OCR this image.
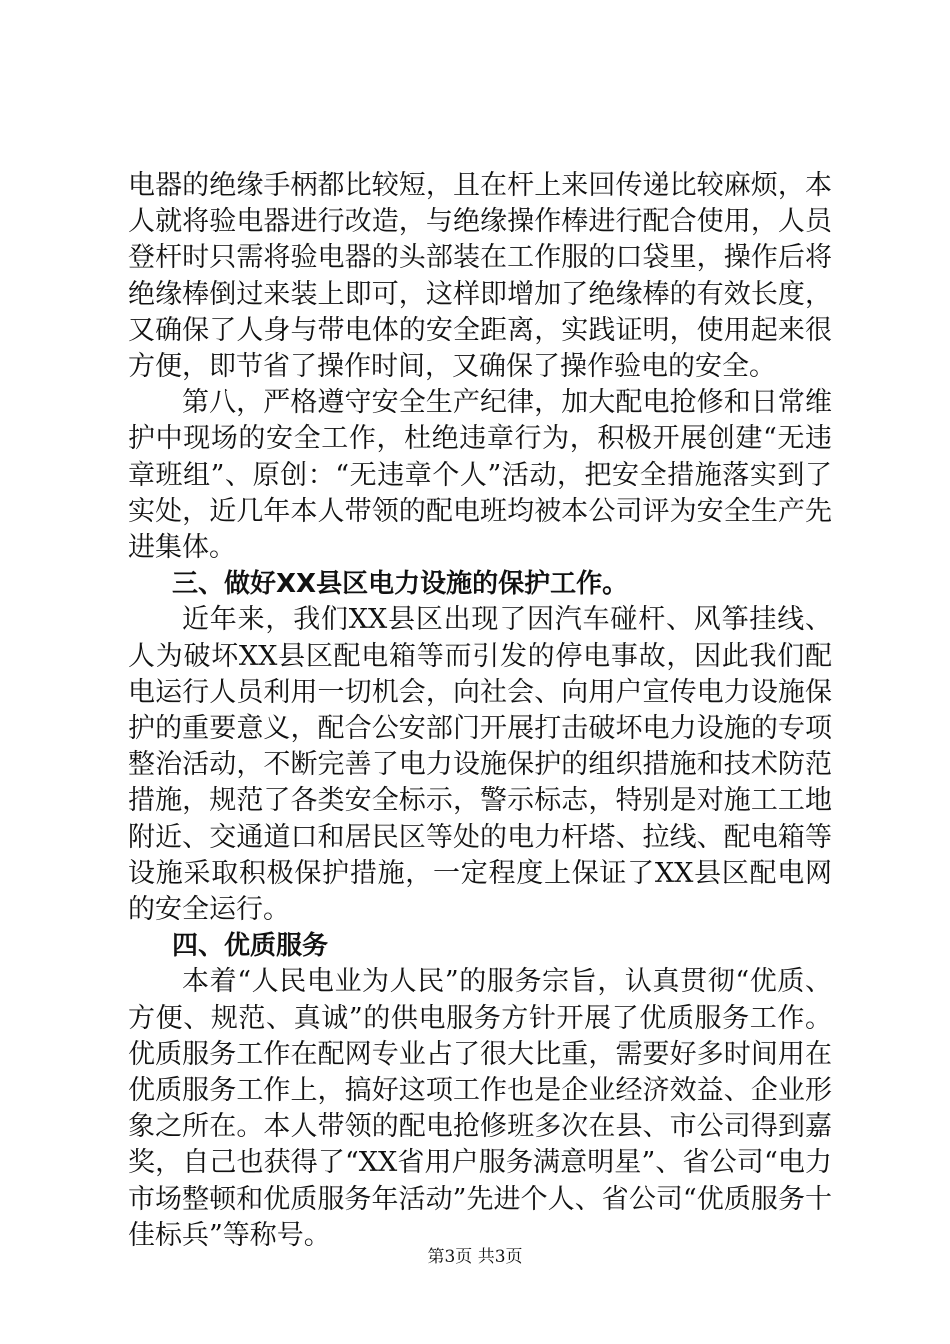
电器的绝缘手柄都比较短，且在杆上来回传递比较麻烦，本人就将验电器进行改造，与绝缘操作棒进行配合使用，人员登杆时只需将验电器的头部装在工作服的口袋里，操作后将绝缘棒倒过来装上即可，这样即增加了绝缘棒的有效长度，又确保了人身与带电体的安全距离，实践证明，使用起来很方便，即节省了操作时间，又确保了操作验电的安全。

第八，严格遵守安全生产纪律，加大配电抢修和日常维护中现场的安全工作，杜绝违章行为，积极开展创建“无违章班组”、原创：“无违章个人”活动，把安全措施落实到了实处，近几年本人带领的配电班均被本公司评为安全生产先进集体。

三、做好XX县区电力设施的保护工作。

近年来，我们XX县区出现了因汽车碰杆、风筝挂线、人为破坏XX县区配电箱等而引发的停电事故，因此我们配电运行人员利用一切机会，向社会、向用户宣传电力设施保护的重要意义，配合公安部门开展打击破坏电力设施的专项整治活动，不断完善了电力设施保护的组织措施和技术防范措施，规范了各类安全标示，警示标志，特别是对施工工地附近、交通道口和居民区等处的电力杆塔、拉线、配电箱等设施采取积极保护措施，一定程度上保证了XX县区配电网的安全运行。

四、优质服务

本着“人民电业为人民”的服务宗旨，认真贯彻“优质、方便、规范、真诚”的供电服务方针开展了优质服务工作。优质服务工作在配网专业占了很大比重，需要好多时间用在优质服务工作上，搞好这项工作也是企业经济效益、企业形象之所在。本人带领的配电抢修班多次在县、市公司得到嘉奖，自己也获得了“XX省用户服务满意明星”、省公司“电力市场整顿和优质服务年活动”先进个人、省公司“优质服务十佳标兵”等称号。

第3页 共3页
